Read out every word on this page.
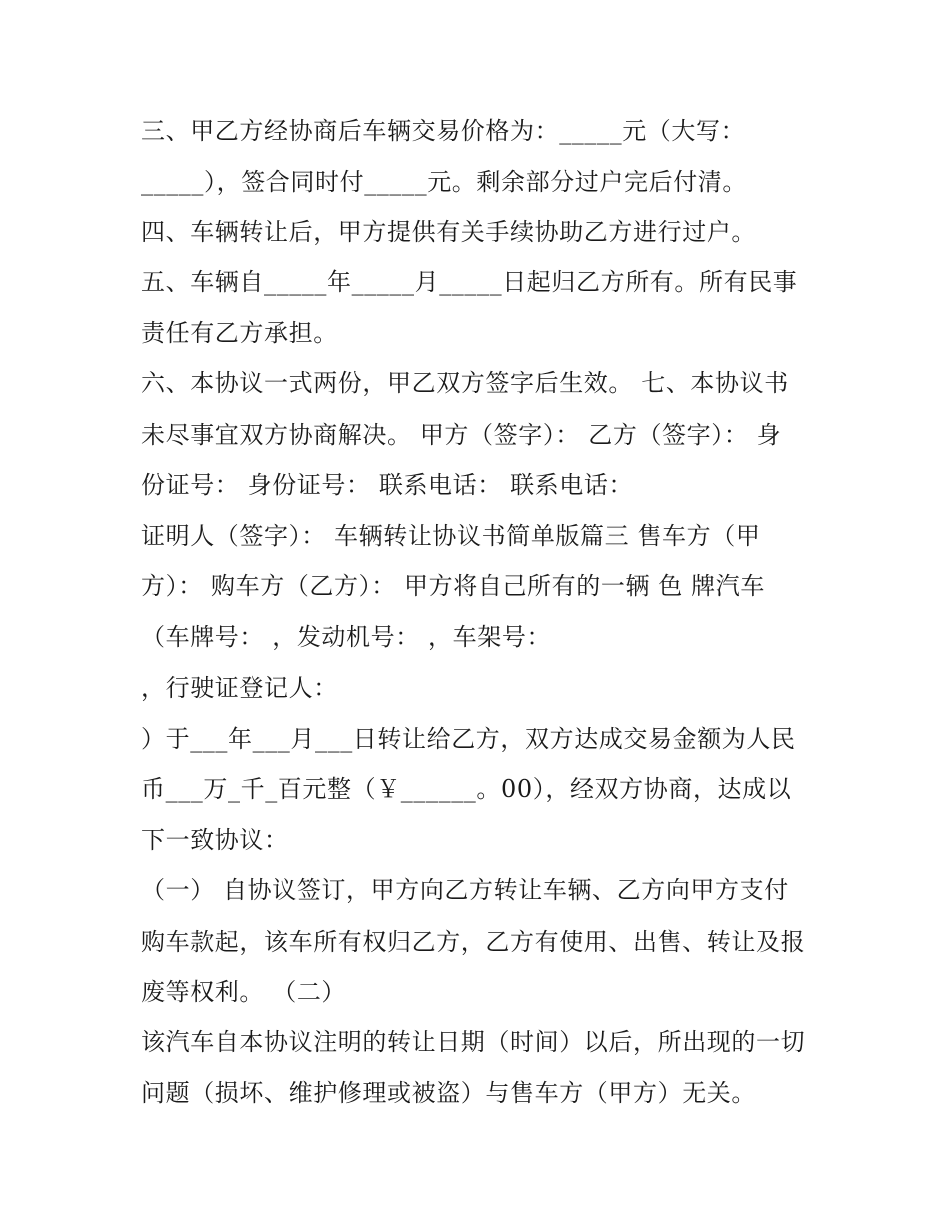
三、甲乙方经协商后车辆交易价格为：_____元（大写：
_____），签合同时付_____元。剩余部分过户完后付清。
四、车辆转让后，甲方提供有关手续协助乙方进行过户。
五、车辆自_____年_____月_____日起归乙方所有。所有民事
责任有乙方承担。
六、本协议一式两份，甲乙双方签字后生效。 七、本协议书
未尽事宜双方协商解决。 甲方（签字）： 乙方（签字）： 身
份证号： 身份证号： 联系电话： 联系电话：
证明人（签字）： 车辆转让协议书简单版篇三 售车方（甲
方）： 购车方（乙方）： 甲方将自己所有的一辆 色 牌汽车
（车牌号： ，发动机号： ，车架号：
，行驶证登记人：
）于___年___月___日转让给乙方，双方达成交易金额为人民
币___万_千_百元整（￥______。00），经双方协商，达成以
下一致协议：
（一） 自协议签订，甲方向乙方转让车辆、乙方向甲方支付
购车款起，该车所有权归乙方，乙方有使用、出售、转让及报
废等权利。 （二）
该汽车自本协议注明的转让日期（时间）以后，所出现的一切
问题（损坏、维护修理或被盗）与售车方（甲方）无关。
